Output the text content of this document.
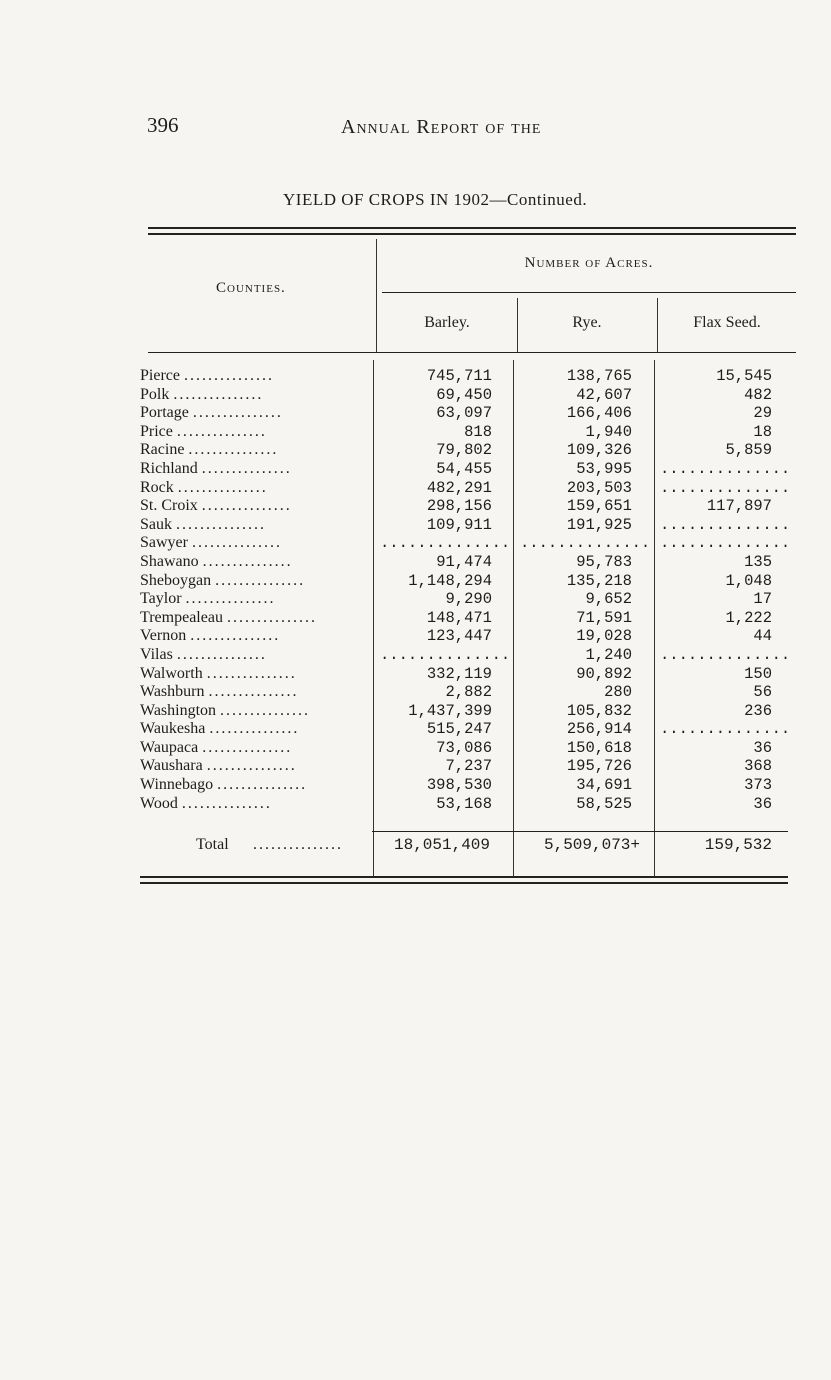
396	Annual Report of the
YIELD OF CROPS IN 1902—Continued.
Counties.
Number of Acres.
Barley.	Rye.	Flax Seed.
Pierce ...............	745,711	138,765	15,545
Polk ...............	69,450	42,607	482
Portage ...............	63,097	166,406	29
Price ...............	818	1,940	18
Racine ...............	79,802	109,326	5,859
Richland ...............	54,455	53,995 ..............
Rock ...............	482,291	203,503 ..............
St. Croix ...............	298,156	159,651	117,897
Sauk ...............	109,911	191,925 ..............
Sawyer ...............	.............. .............. ..............
Shawano ...............	91,474	95,783	135
Sheboygan ...............	1,148,294	135,218	1,048
Taylor ...............	9,290	9,652	17
Trempealeau ...............	148,471	71,591	1,222
Vernon ...............	123,447	19,028	44
Vilas ...............	..............	1,240 ..............
Walworth ...............	332,119	90,892	150
Washburn ...............	2,882	280	56
Washington ...............	1,437,399	105,832	236
Waukesha ...............	515,247	256,914 ..............
Waupaca ...............	73,086	150,618	36
Waushara ...............	7,237	195,726	368
Winnebago ...............	398,530	34,691	373
Wood ...............	53,168	58,525	36
Total ...............	18,051,409	5,509,073+	159,532
